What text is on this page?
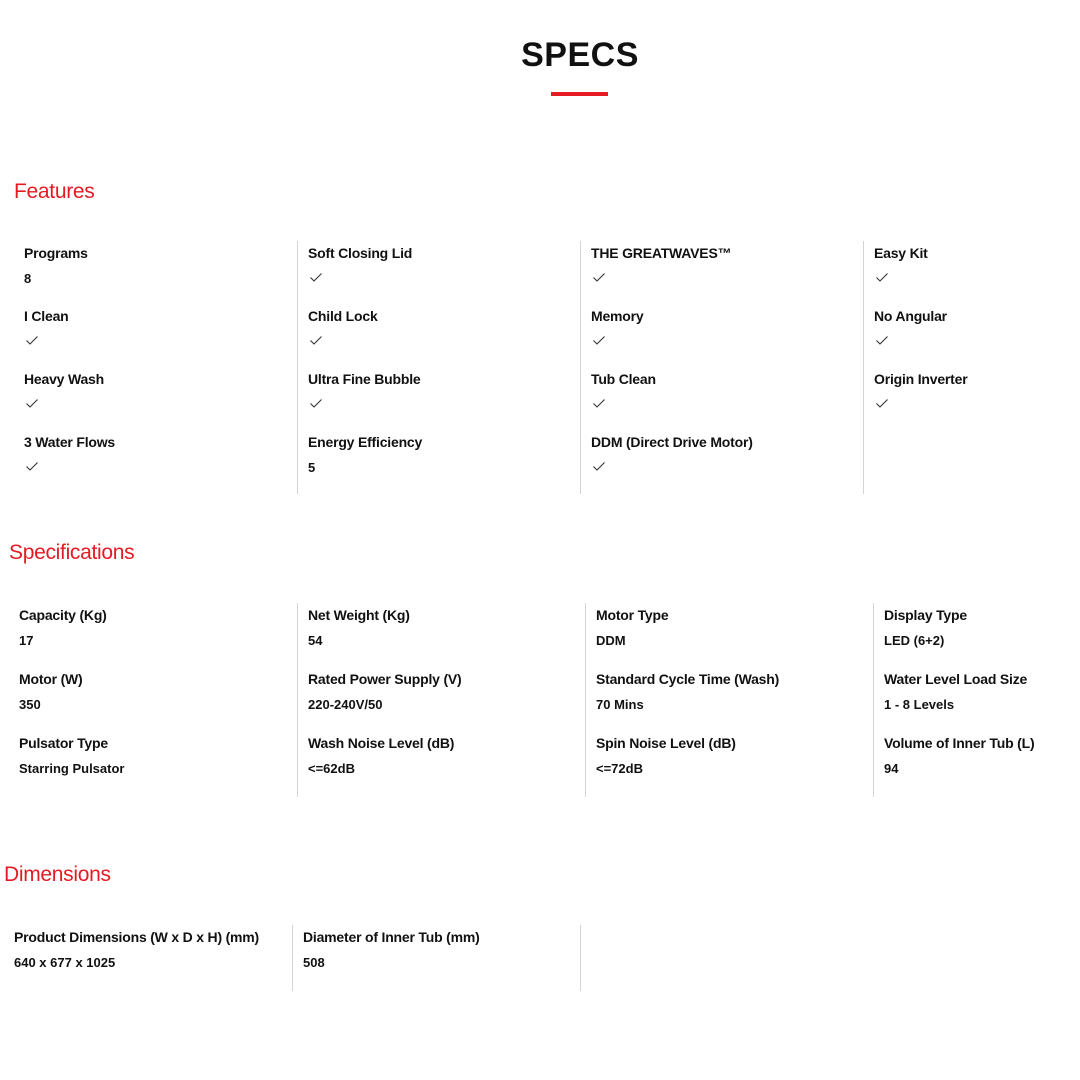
SPECS
Features
Programs
8
I Clean
Heavy Wash
3 Water Flows
Soft Closing Lid
Child Lock
Ultra Fine Bubble
Energy Efficiency
5
THE GREATWAVES™
Memory
Tub Clean
DDM (Direct Drive Motor)
Easy Kit
No Angular
Origin Inverter
Specifications
Capacity (Kg)
17
Motor (W)
350
Pulsator Type
Starring Pulsator
Net Weight (Kg)
54
Rated Power Supply (V)
220-240V/50
Wash Noise Level (dB)
<=62dB
Motor Type
DDM
Standard Cycle Time (Wash)
70 Mins
Spin Noise Level (dB)
<=72dB
Display Type
LED (6+2)
Water Level Load Size
1 - 8 Levels
Volume of Inner Tub (L)
94
Dimensions
Product Dimensions (W x D x H) (mm)
640 x 677 x 1025
Diameter of Inner Tub (mm)
508
